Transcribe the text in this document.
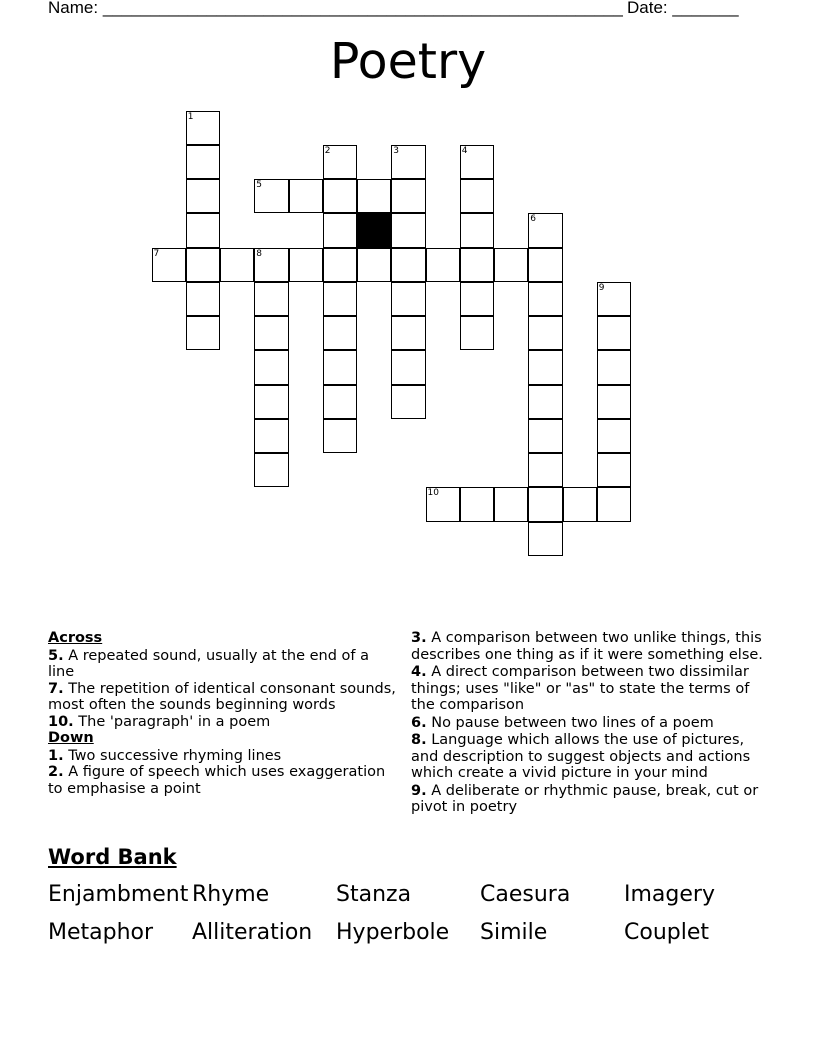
Name: _______________________________________________________ Date: _______
Poetry
1
2	3	4
5
6
7	8
9
10
Across
5. A repeated sound, usually at the end of a line
7. The repetition of identical consonant sounds, most often the sounds beginning words
10. The 'paragraph' in a poem
Down
1. Two successive rhyming lines
2. A figure of speech which uses exaggeration to emphasise a point
3. A comparison between two unlike things, this describes one thing as if it were something else.
4. A direct comparison between two dissimilar things; uses "like" or "as" to state the terms of the comparison
6. No pause between two lines of a poem
8. Language which allows the use of pictures, and description to suggest objects and actions which create a vivid picture in your mind
9. A deliberate or rhythmic pause, break, cut or pivot in poetry
Word Bank
Enjambment Rhyme	Stanza	Caesura Imagery
Metaphor Alliteration Hyperbole Simile	Couplet
